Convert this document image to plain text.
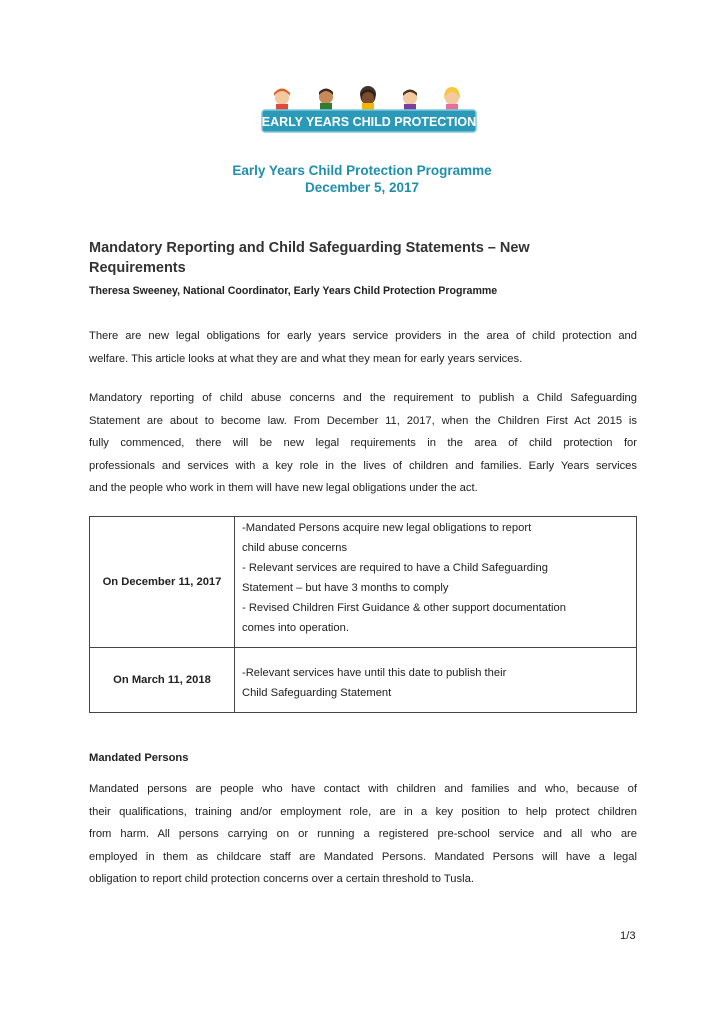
EARLY YEARS CHILD PROTECTION
Early Years Child Protection Programme
December 5, 2017
Mandatory Reporting and Child Safeguarding Statements – New
Requirements
Theresa Sweeney, National Coordinator, Early Years Child Protection Programme
There are new legal obligations for early years service providers in the area of child protection and
welfare. This article looks at what they are and what they mean for early years services.
Mandatory reporting of child abuse concerns and the requirement to publish a Child Safeguarding
Statement are about to become law. From December 11, 2017, when the Children First Act 2015 is
fully commenced, there will be new legal requirements in the area of child protection for
professionals and services with a key role in the lives of children and families. Early Years services
and the people who work in them will have new legal obligations under the act.
On December 11, 2017
-Mandated Persons acquire new legal obligations to report
child abuse concerns
- Relevant services are required to have a Child Safeguarding
Statement – but have 3 months to comply
- Revised Children First Guidance & other support documentation
comes into operation.
On March 11, 2018
-Relevant services have until this date to publish their
Child Safeguarding Statement
Mandated Persons
Mandated persons are people who have contact with children and families and who, because of
their qualifications, training and/or employment role, are in a key position to help protect children
from harm. All persons carrying on or running a registered pre-school service and all who are
employed in them as childcare staff are Mandated Persons. Mandated Persons will have a legal
obligation to report child protection concerns over a certain threshold to Tusla.
1/3
